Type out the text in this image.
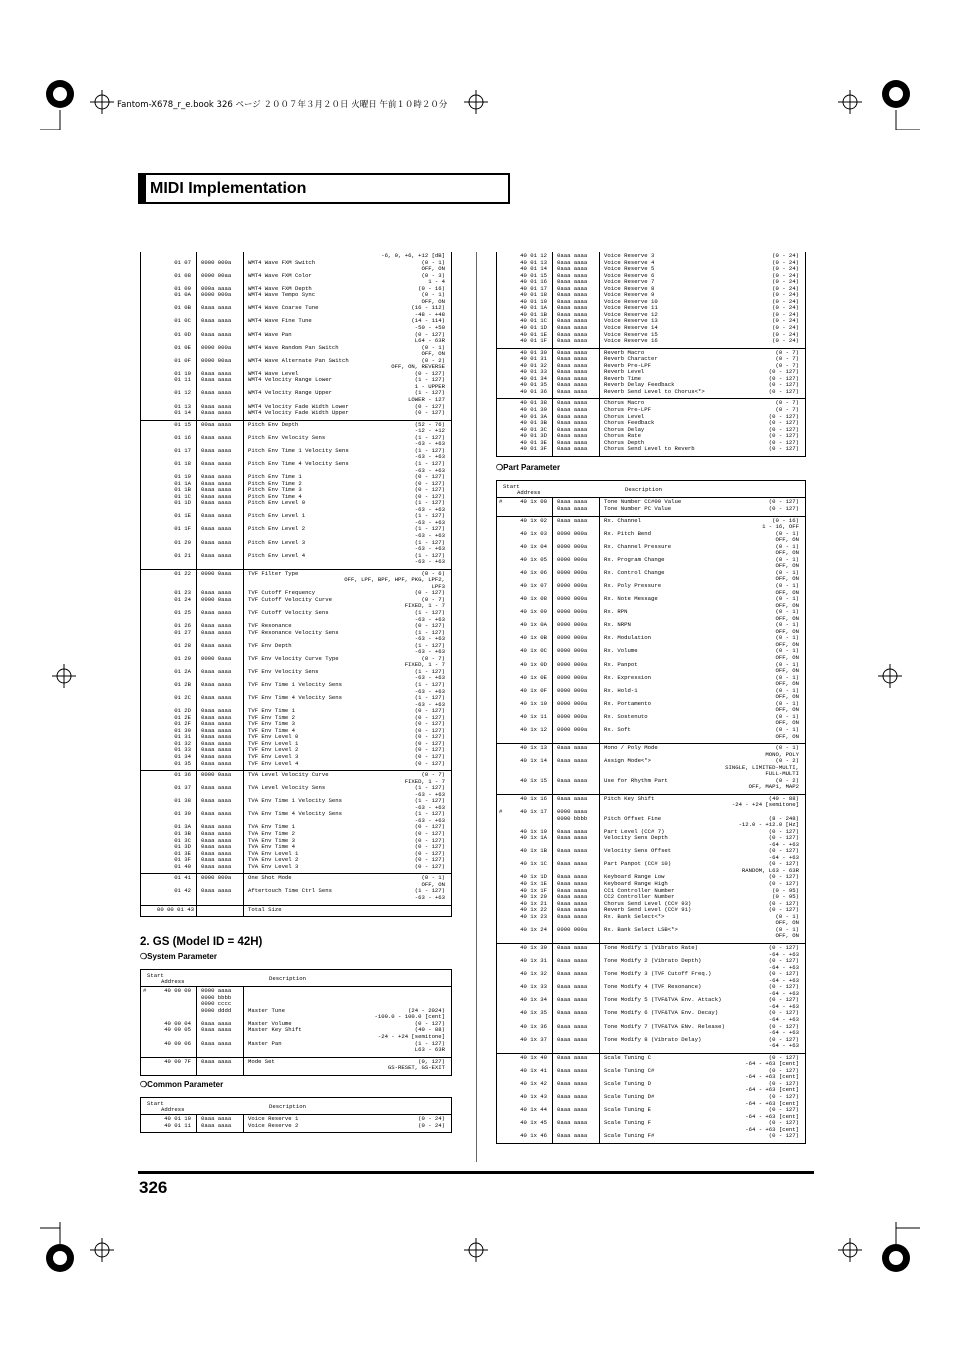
Fantom-X678_r_e.book 326 ページ ２００７年３月２０日 火曜日 午前１０時２０分
MIDI Implementation
-6, 0, +6, +12 [dB]
01 07 0000 000a	WMT4 Wave FXM Switch	(0 - 1)
OFF, ON
01 08 0000 00aa	WMT4 Wave FXM Color	(0 - 3)
1 - 4
01 09 000a aaaa	WMT4 Wave FXM Depth	(0 - 16)
01 0A 0000 000a	WMT4 Wave Tempo Sync	(0 - 1)
OFF, ON
01 0B 0aaa aaaa	WMT4 Wave Coarse Tune	(16 - 112)
-48 - +48
01 0C 0aaa aaaa	WMT4 Wave Fine Tune	(14 - 114)
-50 - +50
01 0D 0aaa aaaa	WMT4 Wave Pan	(0 - 127)
L64 - 63R
01 0E 0000 000a	WMT4 Wave Random Pan Switch	(0 - 1)
OFF, ON
01 0F 0000 00aa	WMT4 Wave Alternate Pan Switch	(0 - 2)
OFF, ON, REVERSE
01 10 0aaa aaaa	WMT4 Wave Level	(0 - 127)
01 11 0aaa aaaa	WMT4 Velocity Range Lower	(1 - 127)
1 - UPPER
01 12 0aaa aaaa	WMT4 Velocity Range Upper	(1 - 127)
LOWER - 127
01 13 0aaa aaaa	WMT4 Velocity Fade Width Lower	(0 - 127)
01 14 0aaa aaaa	WMT4 Velocity Fade Width Upper	(0 - 127)
01 15 00aa aaaa	Pitch Env Depth	(52 - 76)
-12 - +12
01 16 0aaa aaaa	Pitch Env Velocity Sens	(1 - 127)
-63 - +63
01 17 0aaa aaaa	Pitch Env Time 1 Velocity Sens	(1 - 127)
-63 - +63
01 18 0aaa aaaa	Pitch Env Time 4 Velocity Sens	(1 - 127)
-63 - +63
01 19 0aaa aaaa	Pitch Env Time 1	(0 - 127)
01 1A 0aaa aaaa	Pitch Env Time 2	(0 - 127)
01 1B 0aaa aaaa	Pitch Env Time 3	(0 - 127)
01 1C 0aaa aaaa	Pitch Env Time 4	(0 - 127)
01 1D 0aaa aaaa	Pitch Env Level 0	(1 - 127)
-63 - +63
01 1E 0aaa aaaa	Pitch Env Level 1	(1 - 127)
-63 - +63
01 1F 0aaa aaaa	Pitch Env Level 2	(1 - 127)
-63 - +63
01 20 0aaa aaaa	Pitch Env Level 3	(1 - 127)
-63 - +63
01 21 0aaa aaaa	Pitch Env Level 4	(1 - 127)
-63 - +63
01 22 0000 0aaa	TVF Filter Type	(0 - 6)
OFF, LPF, BPF, HPF, PKG, LPF2,
LPF3
01 23 0aaa aaaa	TVF Cutoff Frequency	(0 - 127)
01 24 0000 0aaa	TVF Cutoff Velocity Curve	(0 - 7)
FIXED, 1 - 7
01 25 0aaa aaaa	TVF Cutoff Velocity Sens	(1 - 127)
-63 - +63
01 26 0aaa aaaa	TVF Resonance	(0 - 127)
01 27 0aaa aaaa	TVF Resonance Velocity Sens	(1 - 127)
-63 - +63
01 28 0aaa aaaa	TVF Env Depth	(1 - 127)
-63 - +63
01 29 0000 0aaa	TVF Env Velocity Curve Type	(0 - 7)
FIXED, 1 - 7
01 2A 0aaa aaaa	TVF Env Velocity Sens	(1 - 127)
-63 - +63
01 2B 0aaa aaaa	TVF Env Time 1 Velocity Sens	(1 - 127)
-63 - +63
01 2C 0aaa aaaa	TVF Env Time 4 Velocity Sens	(1 - 127)
-63 - +63
01 2D 0aaa aaaa	TVF Env Time 1	(0 - 127)
01 2E 0aaa aaaa	TVF Env Time 2	(0 - 127)
01 2F 0aaa aaaa	TVF Env Time 3	(0 - 127)
01 30 0aaa aaaa	TVF Env Time 4	(0 - 127)
01 31 0aaa aaaa	TVF Env Level 0	(0 - 127)
01 32 0aaa aaaa	TVF Env Level 1	(0 - 127)
01 33 0aaa aaaa	TVF Env Level 2	(0 - 127)
01 34 0aaa aaaa	TVF Env Level 3	(0 - 127)
01 35 0aaa aaaa	TVF Env Level 4	(0 - 127)
01 36 0000 0aaa	TVA Level Velocity Curve	(0 - 7)
FIXED, 1 - 7
01 37 0aaa aaaa	TVA Level Velocity Sens	(1 - 127)
-63 - +63
01 38 0aaa aaaa	TVA Env Time 1 Velocity Sens	(1 - 127)
-63 - +63
01 39 0aaa aaaa	TVA Env Time 4 Velocity Sens	(1 - 127)
-63 - +63
01 3A 0aaa aaaa	TVA Env Time 1	(0 - 127)
01 3B 0aaa aaaa	TVA Env Time 2	(0 - 127)
01 3C 0aaa aaaa	TVA Env Time 3	(0 - 127)
01 3D 0aaa aaaa	TVA Env Time 4	(0 - 127)
01 3E 0aaa aaaa	TVA Env Level 1	(0 - 127)
01 3F 0aaa aaaa	TVA Env Level 2	(0 - 127)
01 40 0aaa aaaa	TVA Env Level 3	(0 - 127)
01 41 0000 000a	One Shot Mode	(0 - 1)
OFF, ON
01 42 0aaa aaaa	Aftertouch Time Ctrl Sens	(1 - 127)
-63 - +63
00 00 01 43	Total Size
2. GS (Model ID = 42H)
❍System Parameter
Start
Address	Description
#	40 00 00 0000 aaaa
0000 bbbb
0000 cccc
0000 dddd	Master Tune	(24 - 2024)
-100.0 - 100.0 [cent]
40 00 04 0aaa aaaa	Master Volume	(0 - 127)
40 00 05 0aaa aaaa	Master Key Shift	(40 - 88)
-24 - +24 [semitone]
40 00 06 0aaa aaaa	Master Pan	(1 - 127)
L63 - 63R
40 00 7F 0aaa aaaa	Mode Set	(0, 127)
GS-RESET, GS-EXIT
❍Common Parameter
Start
Address	Description
40 01 10 0aaa aaaa	Voice Reserve 1	(0 - 24)
40 01 11 0aaa aaaa	Voice Reserve 2	(0 - 24)
40 01 12 0aaa aaaa	Voice Reserve 3	(0 - 24)
40 01 13 0aaa aaaa	Voice Reserve 4	(0 - 24)
40 01 14 0aaa aaaa	Voice Reserve 5	(0 - 24)
40 01 15 0aaa aaaa	Voice Reserve 6	(0 - 24)
40 01 16 0aaa aaaa	Voice Reserve 7	(0 - 24)
40 01 17 0aaa aaaa	Voice Reserve 8	(0 - 24)
40 01 18 0aaa aaaa	Voice Reserve 9	(0 - 24)
40 01 19 0aaa aaaa	Voice Reserve 10	(0 - 24)
40 01 1A 0aaa aaaa	Voice Reserve 11	(0 - 24)
40 01 1B 0aaa aaaa	Voice Reserve 12	(0 - 24)
40 01 1C 0aaa aaaa	Voice Reserve 13	(0 - 24)
40 01 1D 0aaa aaaa	Voice Reserve 14	(0 - 24)
40 01 1E 0aaa aaaa	Voice Reserve 15	(0 - 24)
40 01 1F 0aaa aaaa	Voice Reserve 16	(0 - 24)
40 01 30 0aaa aaaa	Reverb Macro	(0 - 7)
40 01 31 0aaa aaaa	Reverb Character	(0 - 7)
40 01 32 0aaa aaaa	Reverb Pre-LPF	(0 - 7)
40 01 33 0aaa aaaa	Reverb Level	(0 - 127)
40 01 34 0aaa aaaa	Reverb Time	(0 - 127)
40 01 35 0aaa aaaa	Reverb Delay Feedback	(0 - 127)
40 01 36 0aaa aaaa	Reverb Send Level to Chorus<*>	(0 - 127)
40 01 38 0aaa aaaa	Chorus Macro	(0 - 7)
40 01 39 0aaa aaaa	Chorus Pre-LPF	(0 - 7)
40 01 3A 0aaa aaaa	Chorus Level	(0 - 127)
40 01 3B 0aaa aaaa	Chorus Feedback	(0 - 127)
40 01 3C 0aaa aaaa	Chorus Delay	(0 - 127)
40 01 3D 0aaa aaaa	Chorus Rate	(0 - 127)
40 01 3E 0aaa aaaa	Chorus Depth	(0 - 127)
40 01 3F 0aaa aaaa	Chorus Send Level to Reverb	(0 - 127)
❍Part Parameter
Start
Address	Description
#	40 1x 00 0aaa aaaa	Tone Number CC#00 Value	(0 - 127)
0aaa aaaa	Tone Number PC Value	(0 - 127)
40 1x 02 0aaa aaaa	Rx. Channel	(0 - 16)
1 - 16, OFF
40 1x 03 0000 000a	Rx. Pitch Bend	(0 - 1)
OFF, ON
40 1x 04 0000 000a	Rx. Channel Pressure	(0 - 1)
OFF, ON
40 1x 05 0000 000a	Rx. Program Change	(0 - 1)
OFF, ON
40 1x 06 0000 000a	Rx. Control Change	(0 - 1)
OFF, ON
40 1x 07 0000 000a	Rx. Poly Pressure	(0 - 1)
OFF, ON
40 1x 08 0000 000a	Rx. Note Message	(0 - 1)
OFF, ON
40 1x 09 0000 000a	Rx. RPN	(0 - 1)
OFF, ON
40 1x 0A 0000 000a	Rx. NRPN	(0 - 1)
OFF, ON
40 1x 0B 0000 000a	Rx. Modulation	(0 - 1)
OFF, ON
40 1x 0C 0000 000a	Rx. Volume	(0 - 1)
OFF, ON
40 1x 0D 0000 000a	Rx. Panpot	(0 - 1)
OFF, ON
40 1x 0E 0000 000a	Rx. Expression	(0 - 1)
OFF, ON
40 1x 0F 0000 000a	Rx. Hold-1	(0 - 1)
OFF, ON
40 1x 10 0000 000a	Rx. Portamento	(0 - 1)
OFF, ON
40 1x 11 0000 000a	Rx. Sostenuto	(0 - 1)
OFF, ON
40 1x 12 0000 000a	Rx. Soft	(0 - 1)
OFF, ON
40 1x 13 0aaa aaaa	Mono / Poly Mode	(0 - 1)
MONO, POLY
40 1x 14 0aaa aaaa	Assign Mode<*>	(0 - 2)
SINGLE, LIMITED-MULTI,
FULL-MULTI
40 1x 15 0aaa aaaa	Use for Rhythm Part	(0 - 2)
OFF, MAP1, MAP2
40 1x 16 0aaa aaaa	Pitch Key Shift	(40 - 88)
-24 - +24 [semitone]
#	40 1x 17 0000 aaaa
0000 bbbb	Pitch Offset Fine	(8 - 248)
-12.0 - +12.0 [Hz]
40 1x 19 0aaa aaaa	Part Level (CC# 7)	(0 - 127)
40 1x 1A 0aaa aaaa	Velocity Sens Depth	(0 - 127)
-64 - +63
40 1x 1B 0aaa aaaa	Velocity Sens Offset	(0 - 127)
-64 - +63
40 1x 1C 0aaa aaaa	Part Panpot (CC# 10)	(0 - 127)
RANDOM, L63 - 63R
40 1x 1D 0aaa aaaa	Keyboard Range Low	(0 - 127)
40 1x 1E 0aaa aaaa	Keyboard Range High	(0 - 127)
40 1x 1F 0aaa aaaa	CC1 Controller Number	(0 - 95)
40 1x 20 0aaa aaaa	CC2 Controller Number	(0 - 95)
40 1x 21 0aaa aaaa	Chorus Send Level (CC# 93)	(0 - 127)
40 1x 22 0aaa aaaa	Reverb Send Level (CC# 91)	(0 - 127)
40 1x 23 0aaa aaaa	Rx. Bank Select<*>	(0 - 1)
OFF, ON
40 1x 24 0000 000a	Rx. Bank Select LSB<*>	(0 - 1)
OFF, ON
40 1x 30 0aaa aaaa	Tone Modify 1 (Vibrato Rate)	(0 - 127)
-64 - +63
40 1x 31 0aaa aaaa	Tone Modify 2 (Vibrato Depth)	(0 - 127)
-64 - +63
40 1x 32 0aaa aaaa	Tone Modify 3 (TVF Cutoff Freq.)	(0 - 127)
-64 - +63
40 1x 33 0aaa aaaa	Tone Modify 4 (TVF Resonance)	(0 - 127)
-64 - +63
40 1x 34 0aaa aaaa	Tone Modify 5 (TVF&TVA Env. Attack)	(0 - 127)
-64 - +63
40 1x 35 0aaa aaaa	Tone Modify 6 (TVF&TVA Env. Decay)	(0 - 127)
-64 - +63
40 1x 36 0aaa aaaa	Tone Modify 7 (TVF&TVA ENv. Release)	(0 - 127)
-64 - +63
40 1x 37 0aaa aaaa	Tone Modify 8 (Vibrato Delay)	(0 - 127)
-64 - +63
40 1x 40 0aaa aaaa	Scale Tuning C	(0 - 127)
-64 - +63 [cent]
40 1x 41 0aaa aaaa	Scale Tuning C#	(0 - 127)
-64 - +63 [cent]
40 1x 42 0aaa aaaa	Scale Tuning D	(0 - 127)
-64 - +63 [cent]
40 1x 43 0aaa aaaa	Scale Tuning D#	(0 - 127)
-64 - +63 [cent]
40 1x 44 0aaa aaaa	Scale Tuning E	(0 - 127)
-64 - +63 [cent]
40 1x 45 0aaa aaaa	Scale Tuning F	(0 - 127)
-64 - +63 [cent]
40 1x 46 0aaa aaaa	Scale Tuning F#	(0 - 127)
326
